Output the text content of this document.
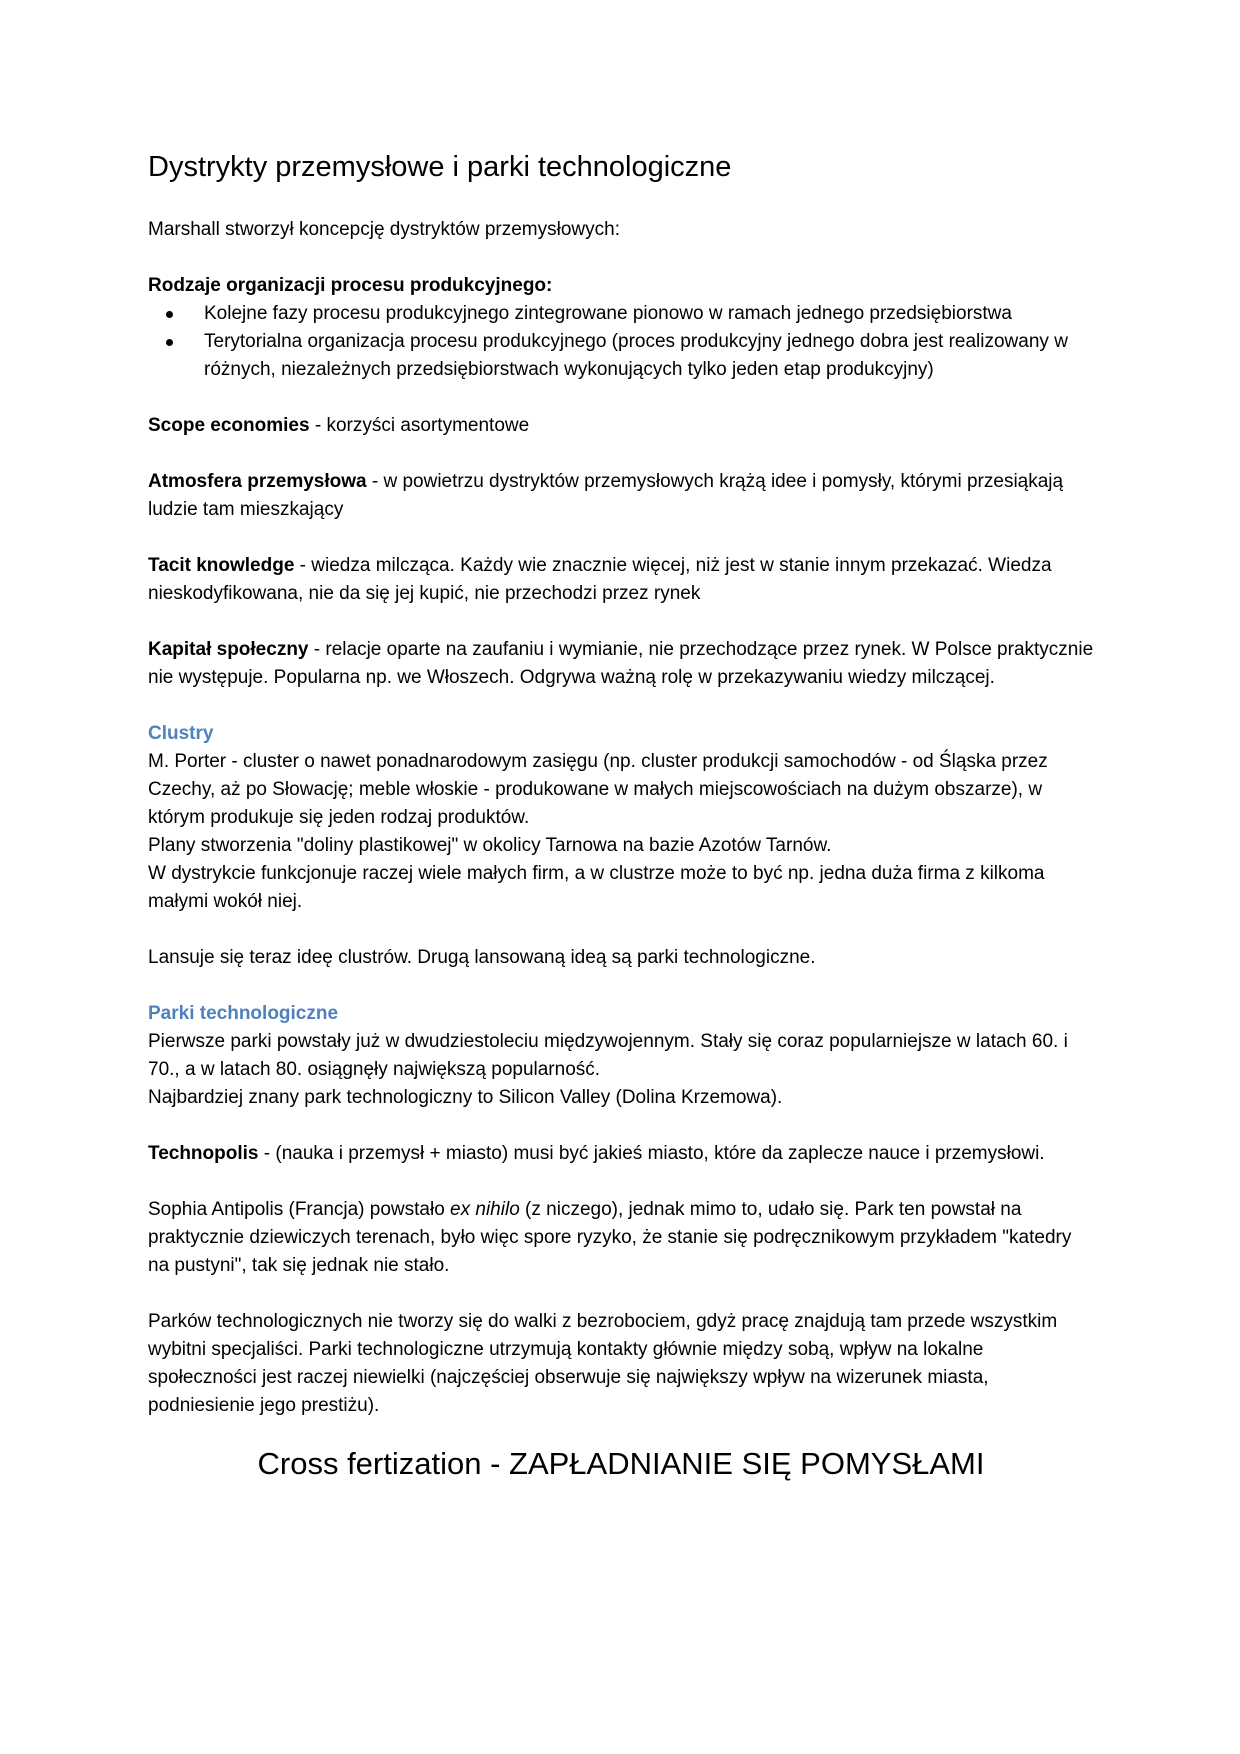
Dystrykty przemysłowe i parki technologiczne

Marshall stworzył koncepcję dystryktów przemysłowych:

Rodzaje organizacji procesu produkcyjnego:

Kolejne fazy procesu produkcyjnego zintegrowane pionowo w ramach jednego przedsiębiorstwa
Terytorialna organizacja procesu produkcyjnego (proces produkcyjny jednego dobra jest realizowany w różnych, niezależnych przedsiębiorstwach wykonujących tylko jeden etap produkcyjny)

Scope economies - korzyści asortymentowe

Atmosfera przemysłowa - w powietrzu dystryktów przemysłowych krążą idee i pomysły, którymi przesiąkają ludzie tam mieszkający

Tacit knowledge - wiedza milcząca. Każdy wie znacznie więcej, niż jest w stanie innym przekazać. Wiedza nieskodyfikowana, nie da się jej kupić, nie przechodzi przez rynek

Kapitał społeczny - relacje oparte na zaufaniu i wymianie, nie przechodzące przez rynek. W Polsce praktycznie nie występuje. Popularna np. we Włoszech. Odgrywa ważną rolę w przekazywaniu wiedzy milczącej.

Clustry

M. Porter - cluster o nawet ponadnarodowym zasięgu (np. cluster produkcji samochodów - od Śląska przez Czechy, aż po Słowację; meble włoskie - produkowane w małych miejscowościach na dużym obszarze), w którym produkuje się jeden rodzaj produktów.

Plany stworzenia "doliny plastikowej" w okolicy Tarnowa na bazie Azotów Tarnów.

W dystrykcie funkcjonuje raczej wiele małych firm, a w clustrze może to być np. jedna duża firma z kilkoma małymi wokół niej.

Lansuje się teraz ideę clustrów. Drugą lansowaną ideą są parki technologiczne.

Parki technologiczne

Pierwsze parki powstały już w dwudziestoleciu międzywojennym. Stały się coraz popularniejsze w latach 60. i 70., a w latach 80. osiągnęły największą popularność.

Najbardziej znany park technologiczny to Silicon Valley (Dolina Krzemowa).

Technopolis - (nauka i przemysł + miasto) musi być jakieś miasto, które da zaplecze nauce i przemysłowi.

Sophia Antipolis (Francja) powstało ex nihilo (z niczego), jednak mimo to, udało się. Park ten powstał na praktycznie dziewiczych terenach, było więc spore ryzyko, że stanie się podręcznikowym przykładem "katedry na pustyni", tak się jednak nie stało.

Parków technologicznych nie tworzy się do walki z bezrobociem, gdyż pracę znajdują tam przede wszystkim wybitni specjaliści. Parki technologiczne utrzymują kontakty głównie między sobą, wpływ na lokalne społeczności jest raczej niewielki (najczęściej obserwuje się największy wpływ na wizerunek miasta, podniesienie jego prestiżu).

Cross fertization - ZAPŁADNIANIE SIĘ POMYSŁAMI
